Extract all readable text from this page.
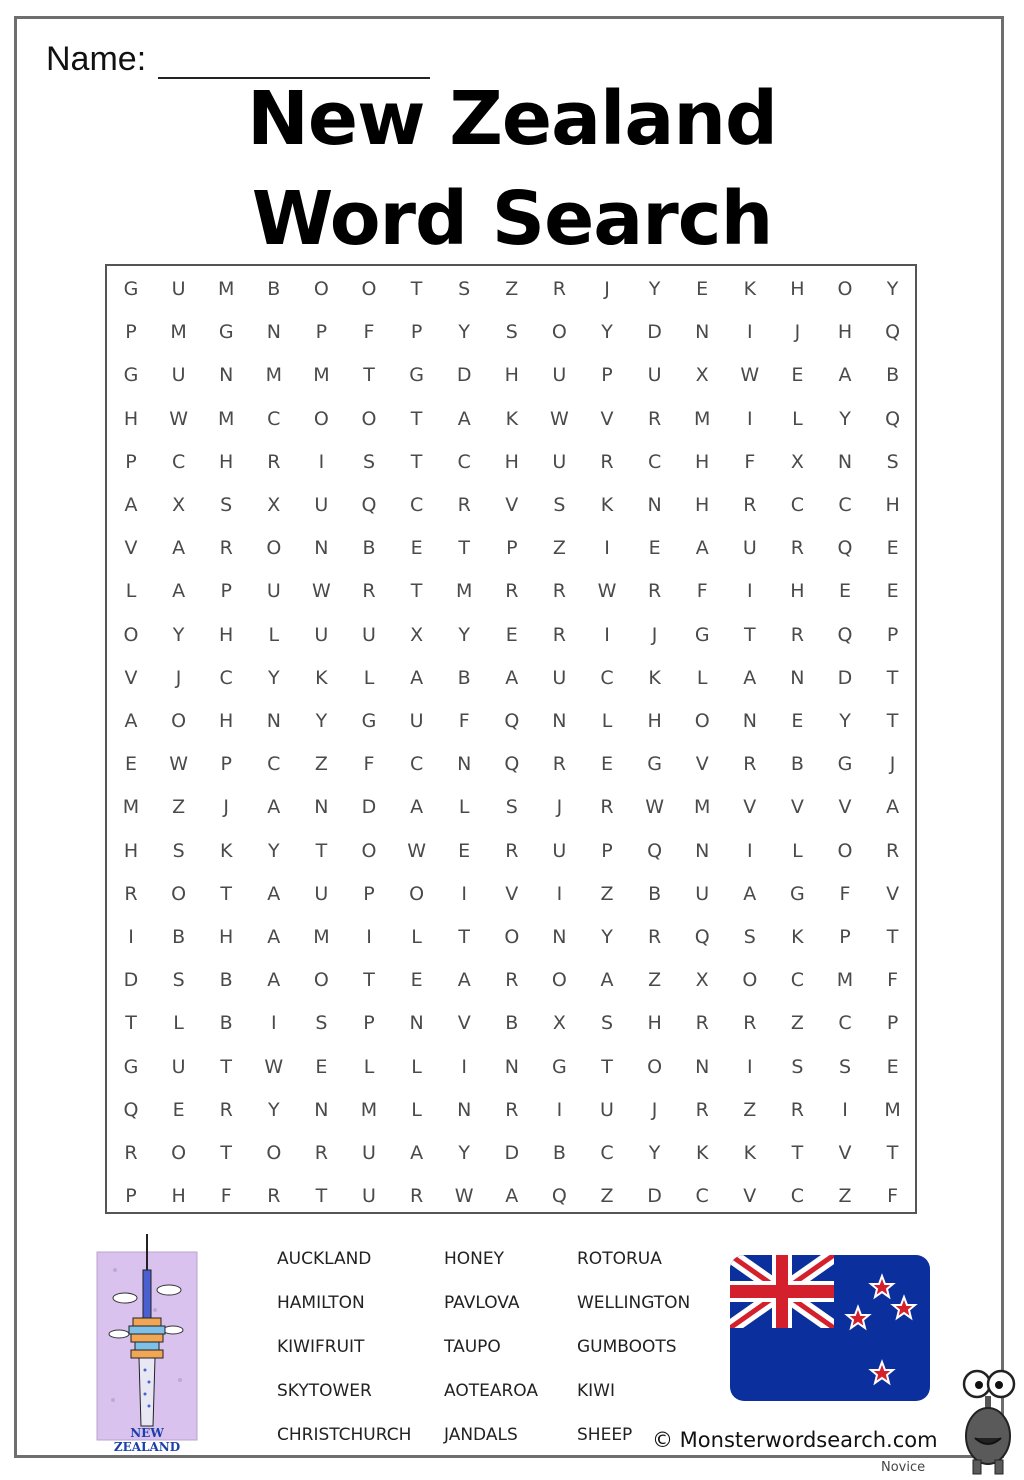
Name:
New Zealand
Word Search
G	U	M	B	O	O	T	S	Z	R	J	Y	E	K	H	O	Y
P	M	G	N	P	F	P	Y	S	O	Y	D	N	I	J	H	Q
G	U	N	M	M	T	G	D	H	U	P	U	X	W	E	A	B
H	W	M	C	O	O	T	A	K	W	V	R	M	I	L	Y	Q
P	C	H	R	I	S	T	C	H	U	R	C	H	F	X	N	S
A	X	S	X	U	Q	C	R	V	S	K	N	H	R	C	C	H
V	A	R	O	N	B	E	T	P	Z	I	E	A	U	R	Q	E
L	A	P	U	W	R	T	M	R	R	W	R	F	I	H	E	E
O	Y	H	L	U	U	X	Y	E	R	I	J	G	T	R	Q	P
V	J	C	Y	K	L	A	B	A	U	C	K	L	A	N	D	T
A	O	H	N	Y	G	U	F	Q	N	L	H	O	N	E	Y	T
E	W	P	C	Z	F	C	N	Q	R	E	G	V	R	B	G	J
M	Z	J	A	N	D	A	L	S	J	R	W	M	V	V	V	A
H	S	K	Y	T	O	W	E	R	U	P	Q	N	I	L	O	R
R	O	T	A	U	P	O	I	V	I	Z	B	U	A	G	F	V
I	B	H	A	M	I	L	T	O	N	Y	R	Q	S	K	P	T
D	S	B	A	O	T	E	A	R	O	A	Z	X	O	C	M	F
T	L	B	I	S	P	N	V	B	X	S	H	R	R	Z	C	P
G	U	T	W	E	L	L	I	N	G	T	O	N	I	S	S	E
Q	E	R	Y	N	M	L	N	R	I	U	J	R	Z	R	I	M
R	O	T	O	R	U	A	Y	D	B	C	Y	K	K	T	V	T
P	H	F	R	T	U	R	W	A	Q	Z	D	C	V	C	Z	F
NEW ZEALAND
AUCKLAND
HAMILTON
KIWIFRUIT
SKYTOWER
CHRISTCHURCH
HONEY
PAVLOVA
TAUPO
AOTEAROA
JANDALS
ROTORUA
WELLINGTON
GUMBOOTS
KIWI
SHEEP © Monsterwordsearch.com
Novice
